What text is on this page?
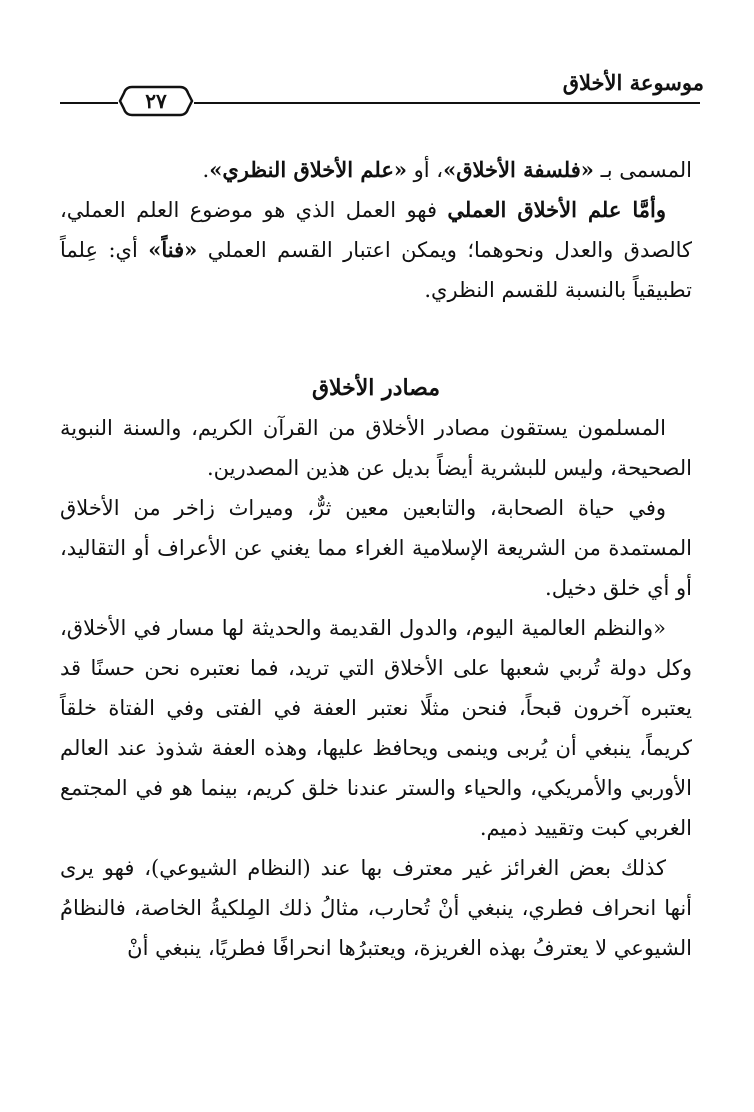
موسوعة الأخلاق
٢٧

المسمى بـ «فلسفة الأخلاق»، أو «علم الأخلاق النظري».

وأمَّا علم الأخلاق العملي فهو العمل الذي هو موضوع العلم العملي، كالصدق والعدل ونحوهما؛ ويمكن اعتبار القسم العملي «فناً» أي: عِلماً تطبيقياً بالنسبة للقسم النظري.

مصادر الأخلاق

المسلمون يستقون مصادر الأخلاق من القرآن الكريم، والسنة النبوية الصحيحة، وليس للبشرية أيضاً بديل عن هذين المصدرين.

وفي حياة الصحابة، والتابعين معين ثرٌّ، وميراث زاخر من الأخلاق المستمدة من الشريعة الإسلامية الغراء مما يغني عن الأعراف أو التقاليد، أو أي خلق دخيل.

«والنظم العالمية اليوم، والدول القديمة والحديثة لها مسار في الأخلاق، وكل دولة تُربي شعبها على الأخلاق التي تريد، فما نعتبره نحن حسنًا قد يعتبره آخرون قبحاً، فنحن مثلًا نعتبر العفة في الفتى وفي الفتاة خلقاً كريماً، ينبغي أن يُربى وينمى ويحافظ عليها، وهذه العفة شذوذ عند العالم الأوربي والأمريكي، والحياء والستر عندنا خلق كريم، بينما هو في المجتمع الغربي كبت وتقييد ذميم.

كذلك بعض الغرائز غير معترف بها عند (النظام الشيوعي)، فهو يرى أنها انحراف فطري، ينبغي أنْ تُحارب، مثالُ ذلك المِلكيةُ الخاصة، فالنظامُ الشيوعي لا يعترفُ بهذه الغريزة، ويعتبرُها انحرافًا فطريًا، ينبغي أنْ
